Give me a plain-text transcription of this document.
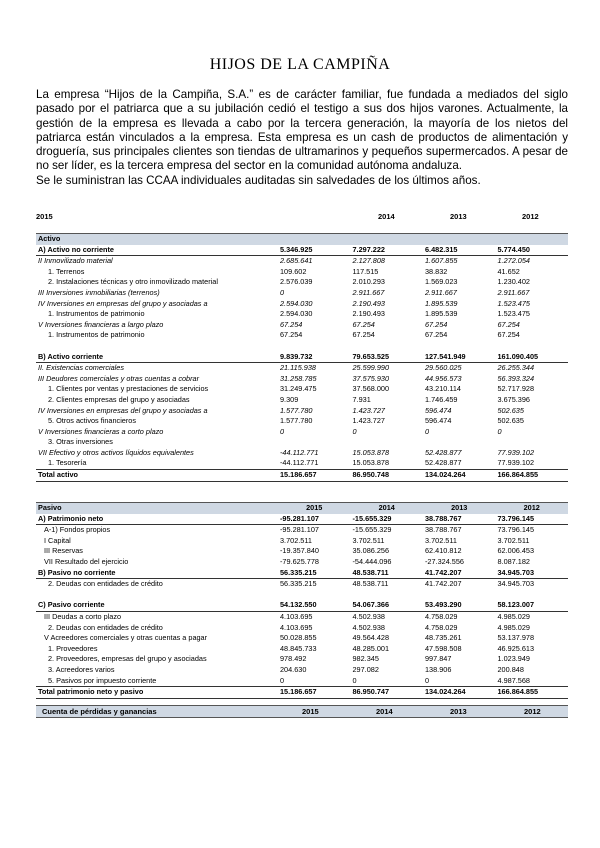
HIJOS DE LA CAMPIÑA

La empresa “Hijos de la Campiña, S.A.” es de carácter familiar, fue fundada a mediados del siglo pasado por el patriarca que a su jubilación cedió el testigo a sus dos hijos varones. Actualmente, la gestión de la empresa es llevada a cabo por la tercera generación, la mayoría de los nietos del patriarca están vinculados a la empresa. Esta empresa es un cash de productos de alimentación y droguería, sus principales clientes son tiendas de ultramarinos y pequeños supermercados. A pesar de no ser líder, es la tercera empresa del sector en la comunidad autónoma andaluza.

Se le suministran las CCAA individuales auditadas sin salvedades de los últimos años.

2015	2014	2013	2012
Activo				
A) Activo no corriente	5.346.925	7.297.222	6.482.315	5.774.450
II Inmovilizado material	2.685.641	2.127.808	1.607.855	1.272.054
1. Terrenos	109.602	117.515	38.832	41.652
2. Instalaciones técnicas y otro inmovilizado material	2.576.039	2.010.293	1.569.023	1.230.402
III Inversiones inmobiliarias (terrenos)	0	2.911.667	2.911.667	2.911.667
IV Inversiones en empresas del grupo y asociadas a	2.594.030	2.190.493	1.895.539	1.523.475
1. Instrumentos de patrimonio	2.594.030	2.190.493	1.895.539	1.523.475
V Inversiones financieras a largo plazo	67.254	67.254	67.254	67.254
1. Instrumentos de patrimonio	67.254	67.254	67.254	67.254

B) Activo corriente	9.839.732	79.653.525	127.541.949	161.090.405
II. Existencias comerciales	21.115.938	25.599.990	29.560.025	26.255.344
III Deudores comerciales y otras cuentas a cobrar	31.258.785	37.575.930	44.956.573	56.393.324
1. Clientes por ventas y prestaciones de servicios	31.249.475	37.568.000	43.210.114	52.717.928
2. Clientes empresas del grupo y asociadas	9.309	7.931	1.746.459	3.675.396
IV Inversiones en empresas del grupo y asociadas a	1.577.780	1.423.727	596.474	502.635
5. Otros activos financieros	1.577.780	1.423.727	596.474	502.635
V Inversiones financieras a corto plazo	0	0	0	0
3. Otras inversiones				
VII Efectivo y otros activos líquidos equivalentes	-44.112.771	15.053.878	52.428.877	77.939.102
1. Tesorería	-44.112.771	15.053.878	52.428.877	77.939.102
Total activo	15.186.657	86.950.748	134.024.264	166.864.855
Pasivo	2015	2014	2013	2012
A) Patrimonio neto	-95.281.107	-15.655.329	38.788.767	73.796.145
A-1) Fondos propios	-95.281.107	-15.655.329	38.788.767	73.796.145
I Capital	3.702.511	3.702.511	3.702.511	3.702.511
III Reservas	-19.357.840	35.086.256	62.410.812	62.006.453
VII Resultado del ejercicio	-79.625.778	-54.444.096	-27.324.556	8.087.182
B) Pasivo no corriente	56.335.215	48.538.711	41.742.207	34.945.703
2. Deudas con entidades de crédito	56.335.215	48.538.711	41.742.207	34.945.703

C) Pasivo corriente	54.132.550	54.067.366	53.493.290	58.123.007
III Deudas a corto plazo	4.103.695	4.502.938	4.758.029	4.985.029
2. Deudas con entidades de crédito	4.103.695	4.502.938	4.758.029	4.985.029
V Acreedores comerciales y otras cuentas a pagar	50.028.855	49.564.428	48.735.261	53.137.978
1. Proveedores	48.845.733	48.285.001	47.598.508	46.925.613
2. Proveedores, empresas del grupo y asociadas	978.492	982.345	997.847	1.023.949
3. Acreedores varios	204.630	297.082	138.906	200.848
5. Pasivos por impuesto corriente	0	0	0	4.987.568
Total patrimonio neto y pasivo	15.186.657	86.950.747	134.024.264	166.864.855
Cuenta de pérdidas y ganancias	2015	2014	2013	2012
